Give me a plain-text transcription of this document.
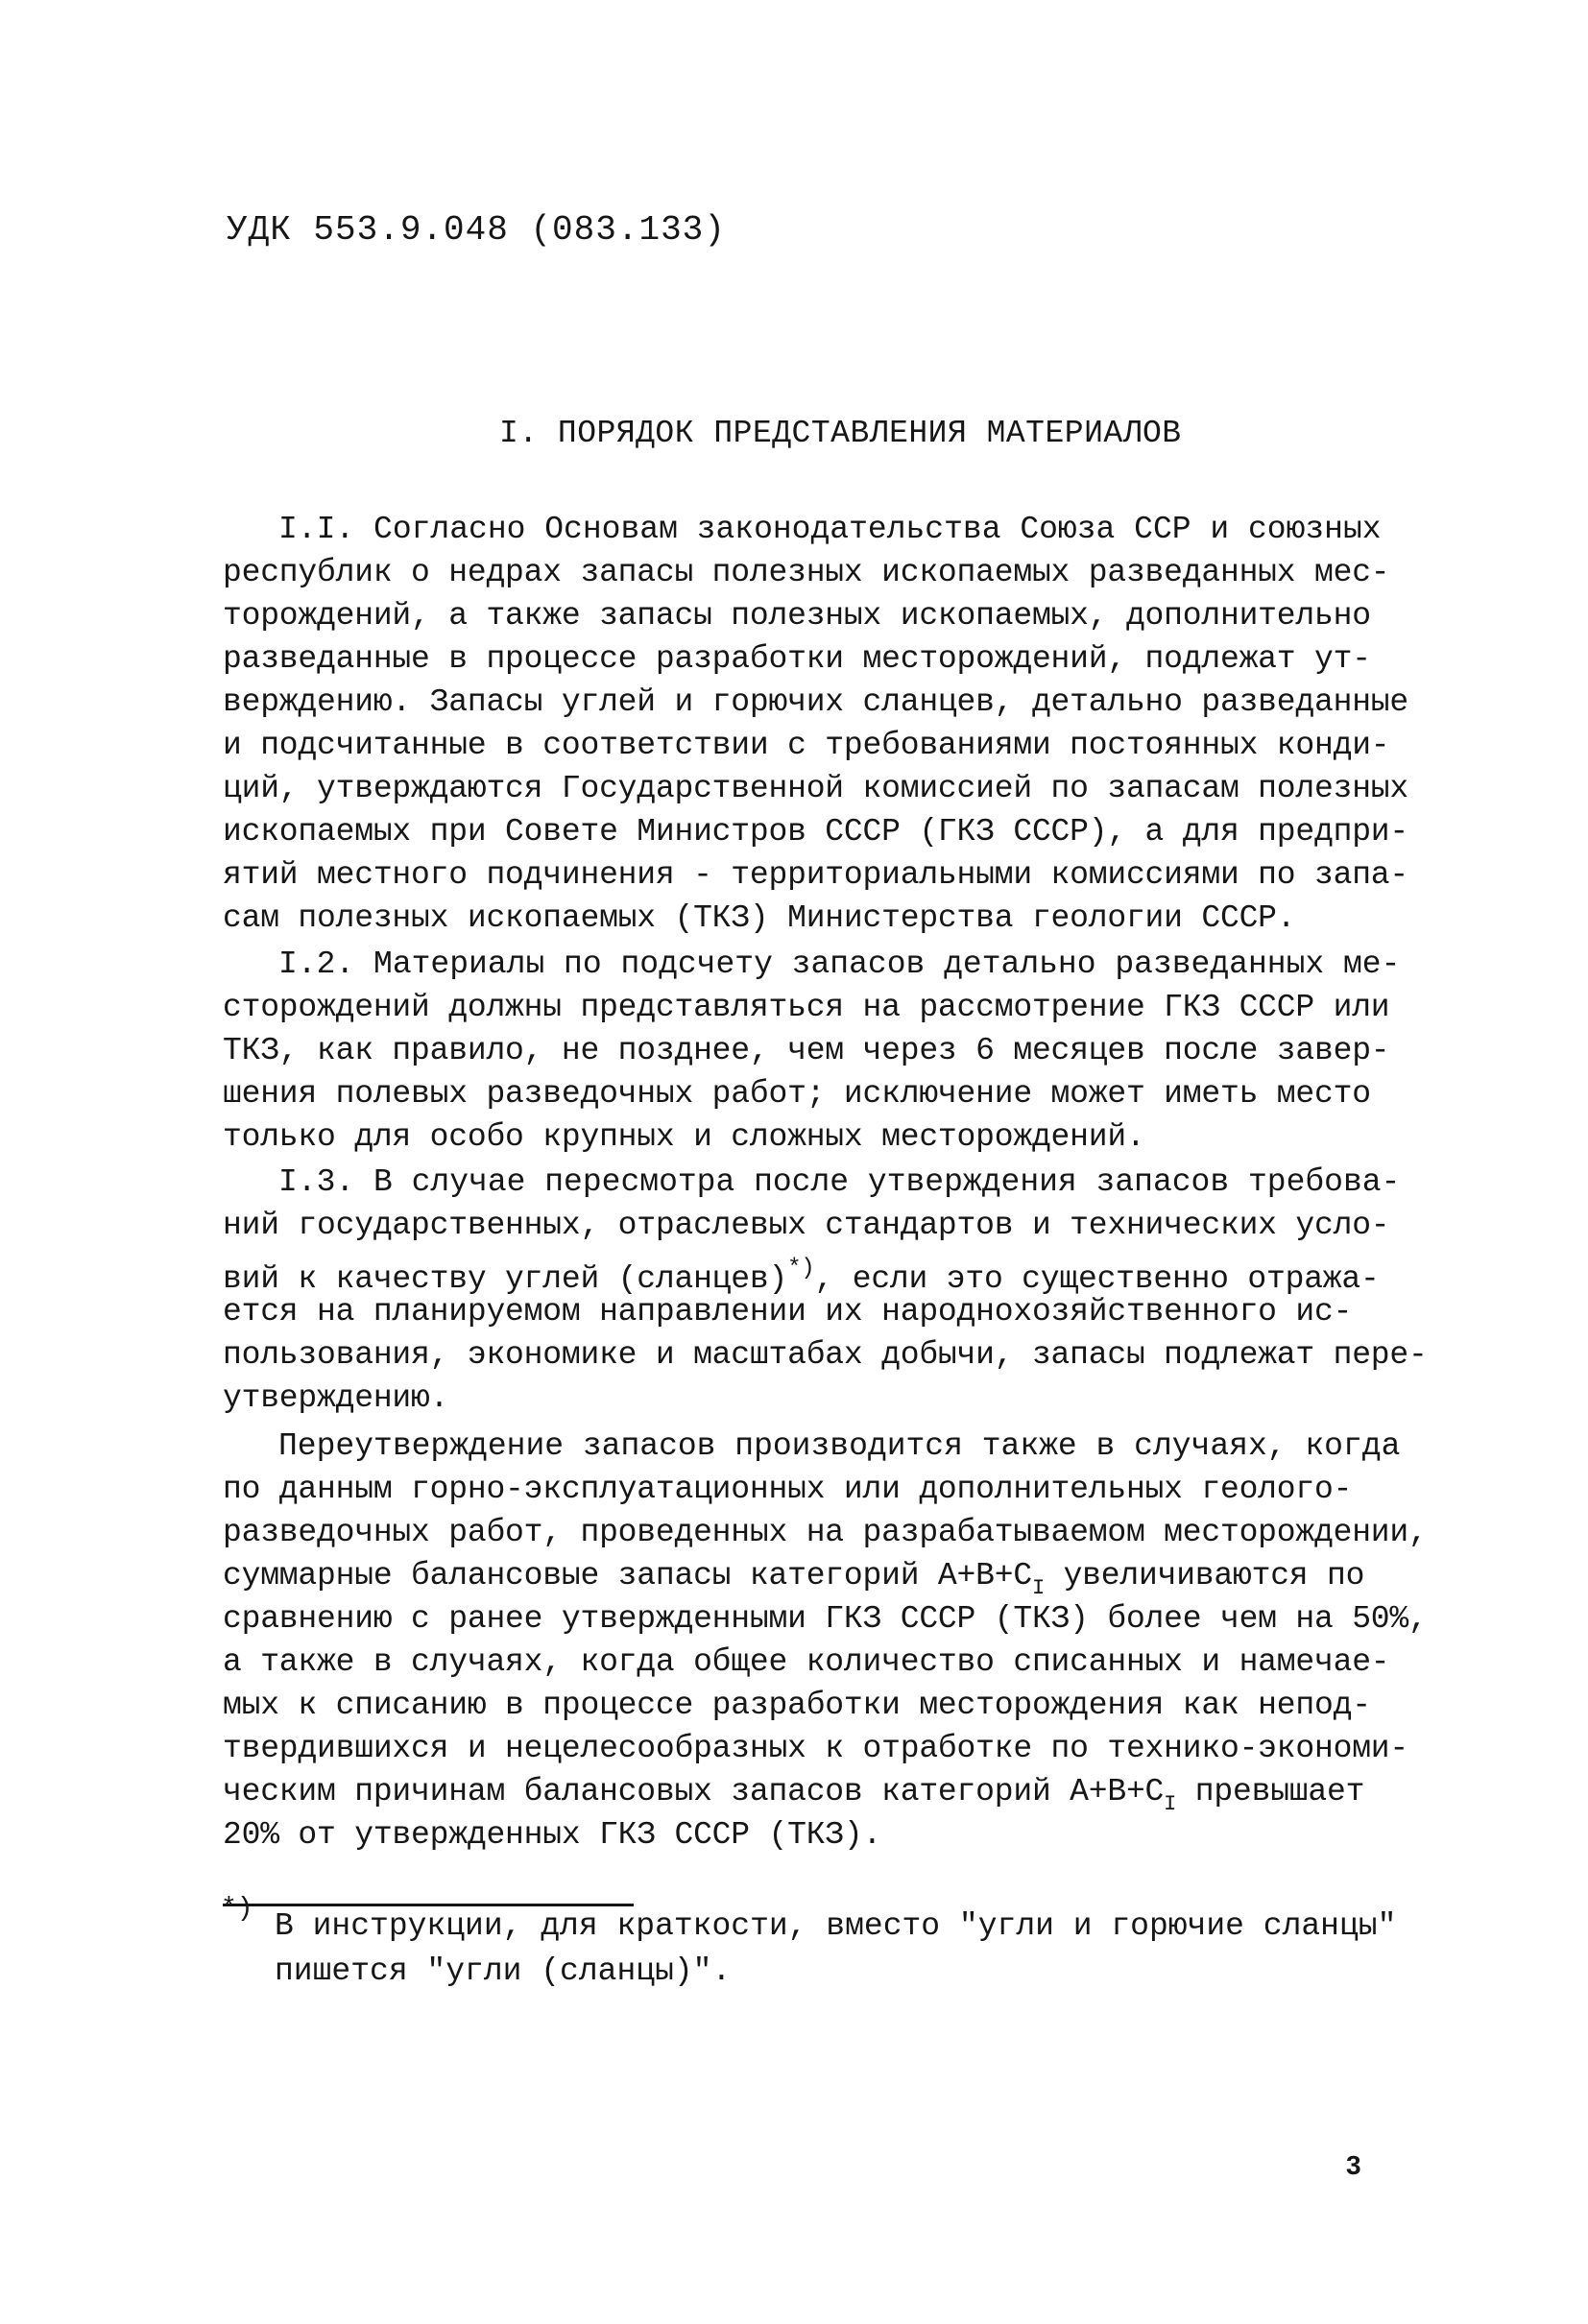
УДК 553.9.048 (083.133)
I. ПОРЯДОК ПРЕДСТАВЛЕНИЯ МАТЕРИАЛОВ
I.I. Согласно Основам законодательства Союза ССР и союзных
республик о недрах запасы полезных ископаемых разведанных мес-
торождений, а также запасы полезных ископаемых, дополнительно
разведанные в процессе разработки месторождений, подлежат ут-
верждению. Запасы углей и горючих сланцев, детально разведанные
и подсчитанные в соответствии с требованиями постоянных конди-
ций, утверждаются Государственной комиссией по запасам полезных
ископаемых при Совете Министров СССР (ГКЗ СССР), а для предпри-
ятий местного подчинения - территориальными комиссиями по запа-
сам полезных ископаемых (ТКЗ) Министерства геологии СССР.
I.2. Материалы по подсчету запасов детально разведанных ме-
сторождений должны представляться на рассмотрение ГКЗ СССР или
ТКЗ, как правило, не позднее, чем через 6 месяцев после завер-
шения полевых разведочных работ; исключение может иметь место
только для особо крупных и сложных месторождений.
I.3. В случае пересмотра после утверждения запасов требова-
ний государственных, отраслевых стандартов и технических усло-
вий к качеству углей (сланцев)*), если это существенно отража-
ется на планируемом направлении их народнохозяйственного ис-
пользования, экономике и масштабах добычи, запасы подлежат пере-
утверждению.
Переутверждение запасов производится также в случаях, когда
по данным горно-эксплуатационных или дополнительных геолого-
разведочных работ, проведенных на разрабатываемом месторождении,
суммарные балансовые запасы категорий $А+В+С_I$ увеличиваются по
сравнению с ранее утвержденными ГКЗ СССР (ТКЗ) более чем на 50%,
а также в случаях, когда общее количество списанных и намечае-
мых к списанию в процессе разработки месторождения как непод-
твердившихся и нецелесообразных к отработке по технико-экономи-
ческим причинам балансовых запасов категорий $А+В+С_I$ превышает
20% от утвержденных ГКЗ СССР (ТКЗ).
*) В инструкции, для краткости, вместо "угли и горючие сланцы"
пишется "угли (сланцы)".
3
